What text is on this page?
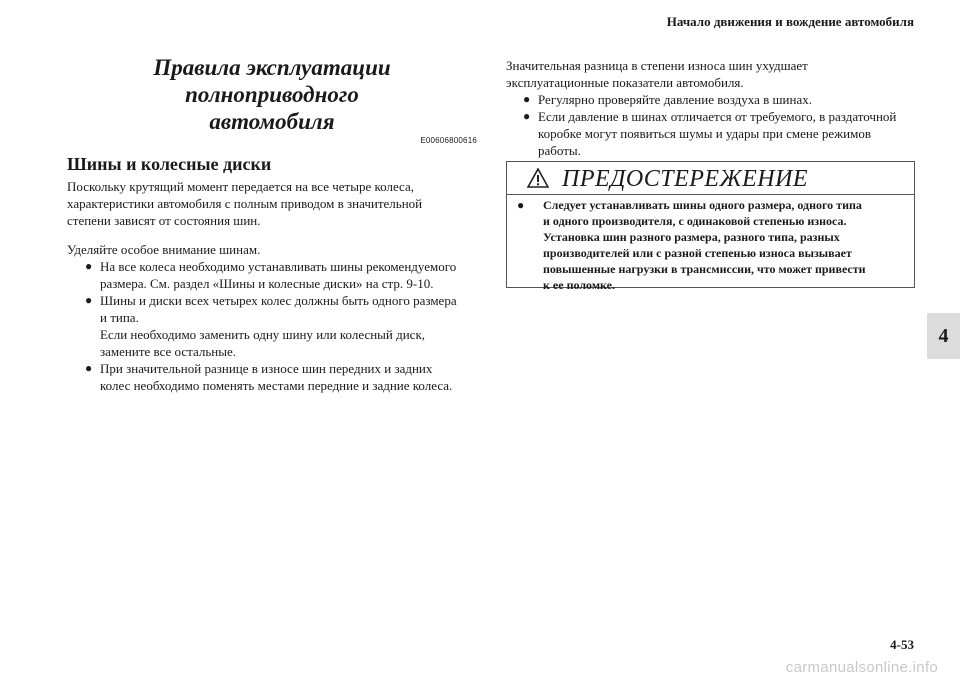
Начало движения и вождение автомобиля
Правила эксплуатации полноприводного
автомобиля
E00606800616
Шины и колесные диски
Поскольку крутящий момент передается на все четыре колеса,
характеристики автомобиля с полным приводом в значительной
степени зависят от состояния шин.
Уделяйте особое внимание шинам.
● На все колеса необходимо устанавливать шины рекомендуемого
размера. См. раздел «Шины и колесные диски» на стр. 9-10.
● Шины и диски всех четырех колес должны быть одного размера
и типа.
Если необходимо заменить одну шину или колесный диск,
замените все остальные.
● При значительной разнице в износе шин передних и задних
колес необходимо поменять местами передние и задние колеса.
Значительная разница в степени износа шин ухудшает
эксплуатационные показатели автомобиля.
● Регулярно проверяйте давление воздуха в шинах.
● Если давление в шинах отличается от требуемого, в раздаточной
коробке могут появиться шумы и удары при смене режимов
работы.
ПРЕДОСТЕРЕЖЕНИЕ
●	Следует устанавливать шины одного размера, одного типа
и одного производителя, с одинаковой степенью износа.
Установка шин разного размера, разного типа, разных
производителей или с разной степенью износа вызывает
повышенные нагрузки в трансмиссии, что может привести
к ее поломке.
4
4-53
carmanualsonline.info
